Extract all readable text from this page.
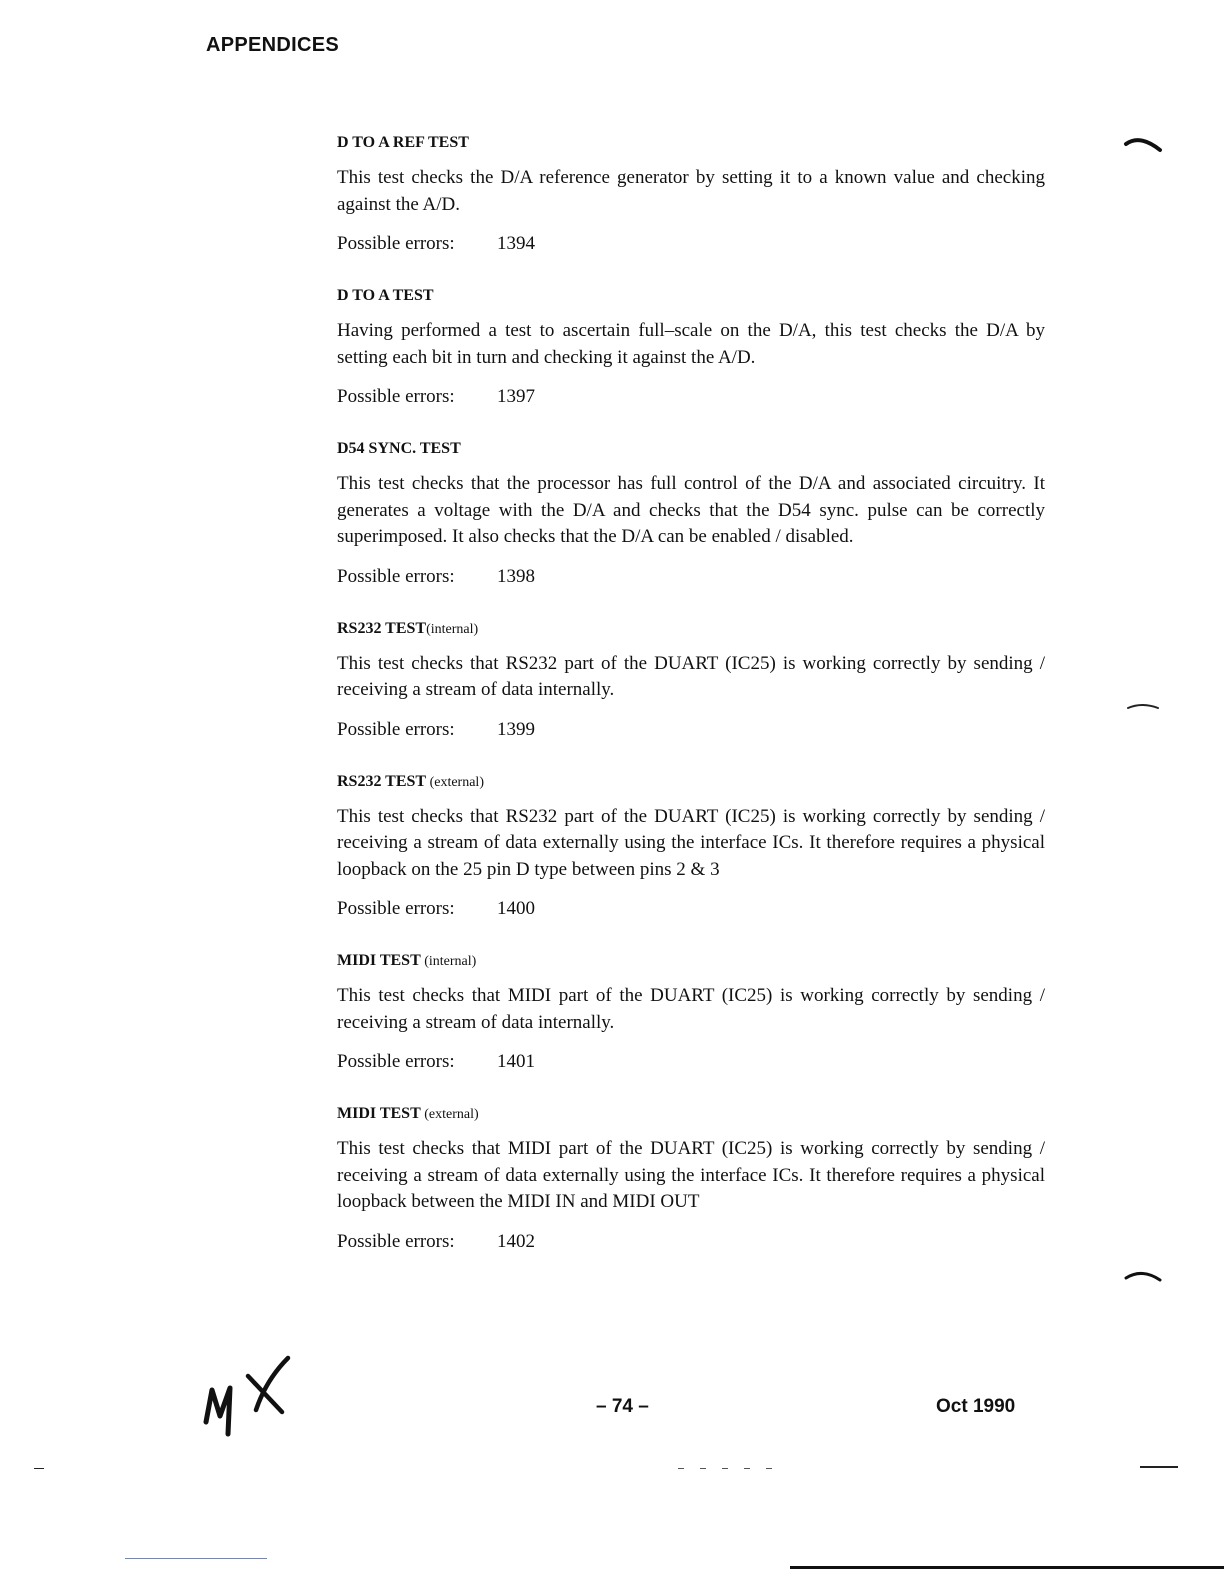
APPENDICES
D TO A REF TEST
This test checks the D/A reference generator by setting it to a known value and checking against the A/D.
Possible errors: 1394
D TO A TEST
Having performed a test to ascertain full–scale on the D/A, this test checks the D/A by setting each bit in turn and checking it against the A/D.
Possible errors: 1397
D54 SYNC. TEST
This test checks that the processor has full control of the D/A and associated circuitry. It generates a voltage with the D/A and checks that the D54 sync. pulse can be correctly superimposed. It also checks that the D/A can be enabled / disabled.
Possible errors: 1398
RS232 TEST(internal)
This test checks that RS232 part of the DUART (IC25) is working correctly by sending / receiving a stream of data internally.
Possible errors: 1399
RS232 TEST (external)
This test checks that RS232 part of the DUART (IC25) is working correctly by sending / receiving a stream of data externally using the interface ICs. It therefore requires a physical loopback on the 25 pin D type between pins 2 & 3
Possible errors: 1400
MIDI TEST (internal)
This test checks that MIDI part of the DUART (IC25) is working correctly by sending / receiving a stream of data internally.
Possible errors: 1401
MIDI TEST (external)
This test checks that MIDI part of the DUART (IC25) is working correctly by sending / receiving a stream of data externally using the interface ICs. It therefore requires a physical loopback between the MIDI IN and MIDI OUT
Possible errors: 1402
– 74 –	Oct 1990
